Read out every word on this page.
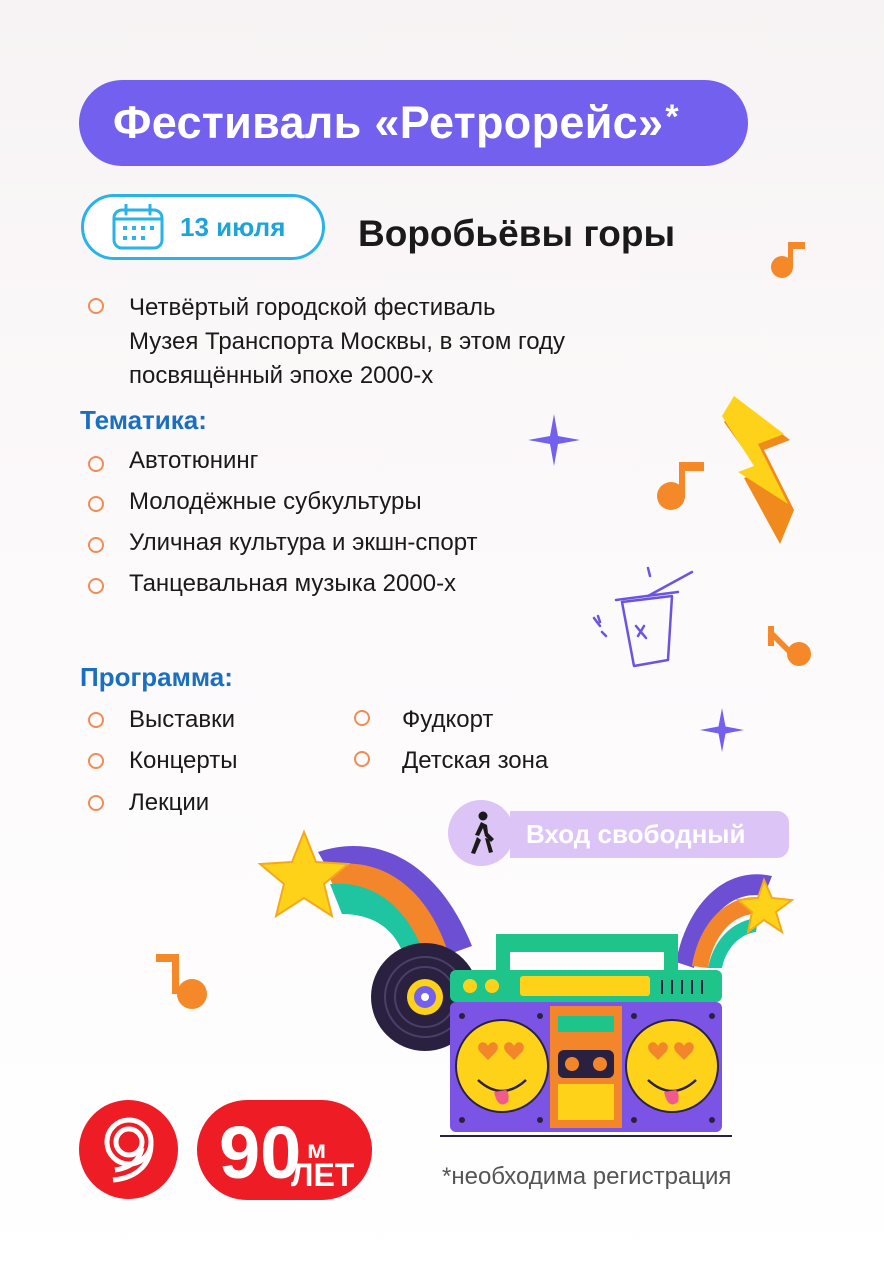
Фестиваль «Ретрорейс»*
13 июля Воробьёвы горы
Четвёртый городской фестиваль
Музея Транспорта Москвы, в этом году
посвящённый эпохе 2000-х
Тематика:
Автотюнинг
Молодёжные субкультуры
Уличная культура и экшн-спорт
Танцевальная музыка 2000-х
Программа:
Выставки
Концерты
Лекции
Фудкорт
Детская зона
Вход свободный
90 м
ЛЕТ	*необходима регистрация
